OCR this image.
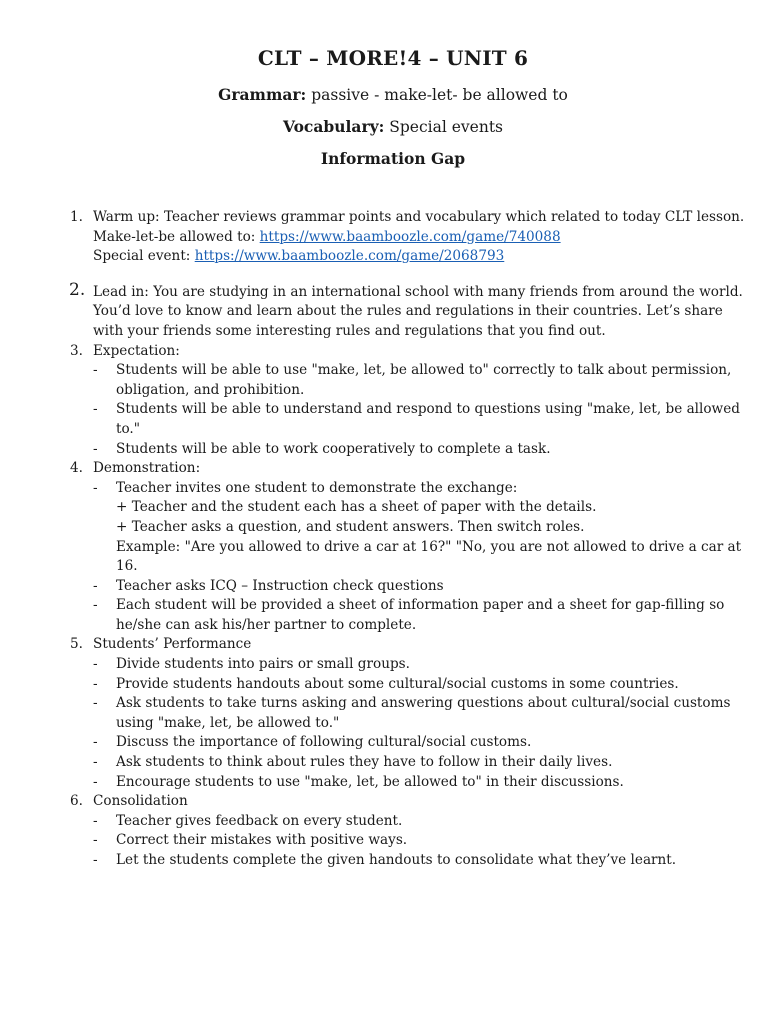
CLT – MORE!4 – UNIT 6

Grammar: passive - make-let- be allowed to

Vocabulary: Special events

Information Gap

1. Warm up: Teacher reviews grammar points and vocabulary which related to today CLT lesson.
Make-let-be allowed to: https://www.baamboozle.com/game/740088
Special event: https://www.baamboozle.com/game/2068793
2. Lead in: You are studying in an international school with many friends from around the world.
You’d love to know and learn about the rules and regulations in their countries. Let’s share
with your friends some interesting rules and regulations that you find out.
3. Expectation:
- Students will be able to use "make, let, be allowed to" correctly to talk about permission,
obligation, and prohibition.
- Students will be able to understand and respond to questions using "make, let, be allowed
to."
- Students will be able to work cooperatively to complete a task.
4. Demonstration:
- Teacher invites one student to demonstrate the exchange:
+ Teacher and the student each has a sheet of paper with the details.
+ Teacher asks a question, and student answers. Then switch roles.
Example: "Are you allowed to drive a car at 16?" "No, you are not allowed to drive a car at
16.
- Teacher asks ICQ – Instruction check questions
- Each student will be provided a sheet of information paper and a sheet for gap-filling so
he/she can ask his/her partner to complete.
5. Students’ Performance
- Divide students into pairs or small groups.
- Provide students handouts about some cultural/social customs in some countries.
- Ask students to take turns asking and answering questions about cultural/social customs
using "make, let, be allowed to."
- Discuss the importance of following cultural/social customs.
- Ask students to think about rules they have to follow in their daily lives.
- Encourage students to use "make, let, be allowed to" in their discussions.
6. Consolidation
- Teacher gives feedback on every student.
- Correct their mistakes with positive ways.
- Let the students complete the given handouts to consolidate what they’ve learnt.
